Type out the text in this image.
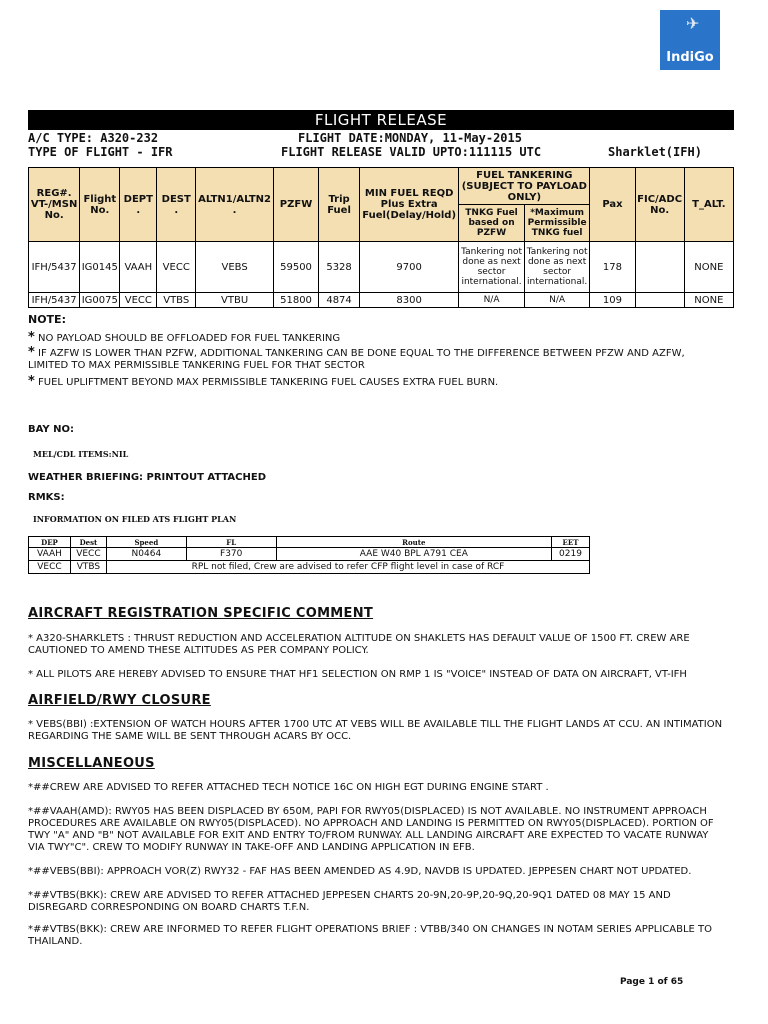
✈
IndiGo
FLIGHT RELEASE
A/C TYPE: A320-232	FLIGHT DATE:MONDAY, 11-May-2015
TYPE OF FLIGHT - IFR	FLIGHT RELEASE VALID UPTO:111115 UTC	Sharklet(IFH)
REG#. VT-/MSN No.	Flight No.	DEPT .	DEST .	ALTN1/ALTN2 .	PZFW	Trip Fuel	MIN FUEL REQD Plus Extra Fuel(Delay/Hold)	FUEL TANKERING (SUBJECT TO PAYLOAD ONLY)		Pax	FIC/ADC No.	T_ALT.
								TNKG Fuel based on PZFW	*Maximum Permissible TNKG fuel			
IFH/5437	IG0145	VAAH	VECC	VEBS	59500	5328	9700	Tankering not done as next sector international.	Tankering not done as next sector international.	178		NONE
IFH/5437	IG0075	VECC	VTBS	VTBU	51800	4874	8300	N/A	N/A	109		NONE
NOTE:
* NO PAYLOAD SHOULD BE OFFLOADED FOR FUEL TANKERING
* IF AZFW IS LOWER THAN PZFW, ADDITIONAL TANKERING CAN BE DONE EQUAL TO THE DIFFERENCE BETWEEN PFZW AND AZFW, LIMITED TO MAX PERMISSIBLE TANKERING FUEL FOR THAT SECTOR
* FUEL UPLIFTMENT BEYOND MAX PERMISSIBLE TANKERING FUEL CAUSES EXTRA FUEL BURN.
BAY NO:
MEL/CDL ITEMS:NIL
WEATHER BRIEFING: PRINTOUT ATTACHED
RMKS:
INFORMATION ON FILED ATS FLIGHT PLAN
DEP	Dest	Speed	FL	Route	EET
VAAH	VECC	N0464	F370	AAE W40 BPL A791 CEA	0219
VECC	VTBS	RPL not filed, Crew are advised to refer CFP flight level in case of RCF			
AIRCRAFT REGISTRATION SPECIFIC COMMENT
* A320-SHARKLETS : THRUST REDUCTION AND ACCELERATION ALTITUDE ON SHAKLETS HAS DEFAULT VALUE OF 1500 FT. CREW ARE CAUTIONED TO AMEND THESE ALTITUDES AS PER COMPANY POLICY.
* ALL PILOTS ARE HEREBY ADVISED TO ENSURE THAT HF1 SELECTION ON RMP 1 IS "VOICE" INSTEAD OF DATA ON AIRCRAFT, VT-IFH
AIRFIELD/RWY CLOSURE
* VEBS(BBI) :EXTENSION OF WATCH HOURS AFTER 1700 UTC AT VEBS WILL BE AVAILABLE TILL THE FLIGHT LANDS AT CCU. AN INTIMATION REGARDING THE SAME WILL BE SENT THROUGH ACARS BY OCC.
MISCELLANEOUS
*##CREW ARE ADVISED TO REFER ATTACHED TECH NOTICE 16C ON HIGH EGT DURING ENGINE START .
*##VAAH(AMD): RWY05 HAS BEEN DISPLACED BY 650M, PAPI FOR RWY05(DISPLACED) IS NOT AVAILABLE. NO INSTRUMENT APPROACH PROCEDURES ARE AVAILABLE ON RWY05(DISPLACED). NO APPROACH AND LANDING IS PERMITTED ON RWY05(DISPLACED). PORTION OF TWY "A" AND "B" NOT AVAILABLE FOR EXIT AND ENTRY TO/FROM RUNWAY. ALL LANDING AIRCRAFT ARE EXPECTED TO VACATE RUNWAY VIA TWY"C". CREW TO MODIFY RUNWAY IN TAKE-OFF AND LANDING APPLICATION IN EFB.
*##VEBS(BBI): APPROACH VOR(Z) RWY32 - FAF HAS BEEN AMENDED AS 4.9D, NAVDB IS UPDATED. JEPPESEN CHART NOT UPDATED.
*##VTBS(BKK): CREW ARE ADVISED TO REFER ATTACHED JEPPESEN CHARTS 20-9N,20-9P,20-9Q,20-9Q1 DATED 08 MAY 15 AND DISREGARD CORRESPONDING ON BOARD CHARTS T.F.N.
*##VTBS(BKK): CREW ARE INFORMED TO REFER FLIGHT OPERATIONS BRIEF : VTBB/340 ON CHANGES IN NOTAM SERIES APPLICABLE TO THAILAND.
Page 1 of 65
